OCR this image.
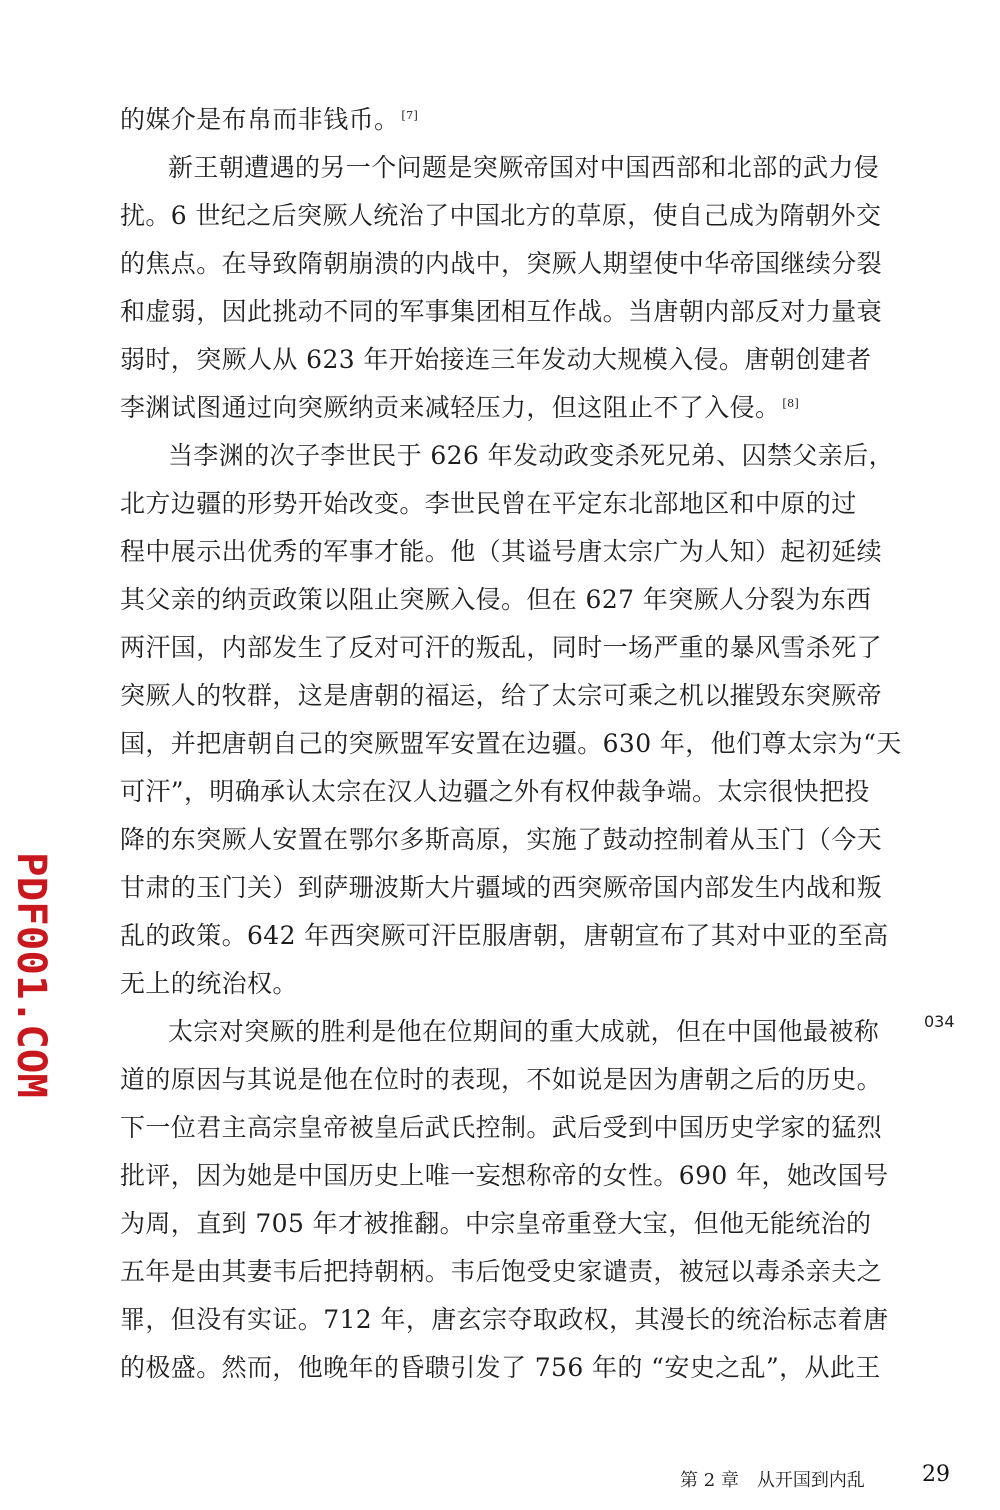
的媒介是布帛而非钱币。 [7]
新王朝遭遇的另一个问题是突厥帝国对中国西部和北部的武力侵
扰。6 世纪之后突厥人统治了中国北方的草原，使自己成为隋朝外交
的焦点。在导致隋朝崩溃的内战中，突厥人期望使中华帝国继续分裂
和虚弱，因此挑动不同的军事集团相互作战。当唐朝内部反对力量衰
弱时，突厥人从 623 年开始接连三年发动大规模入侵。唐朝创建者
李渊试图通过向突厥纳贡来减轻压力，但这阻止不了入侵。 [8]
当李渊的次子李世民于 626 年发动政变杀死兄弟、囚禁父亲后，
北方边疆的形势开始改变。李世民曾在平定东北部地区和中原的过
程中展示出优秀的军事才能。他（其谥号唐太宗广为人知）起初延续
其父亲的纳贡政策以阻止突厥入侵。但在 627 年突厥人分裂为东西
两汗国，内部发生了反对可汗的叛乱，同时一场严重的暴风雪杀死了
突厥人的牧群，这是唐朝的福运，给了太宗可乘之机以摧毁东突厥帝
国，并把唐朝自己的突厥盟军安置在边疆。630 年，他们尊太宗为“天
可汗”，明确承认太宗在汉人边疆之外有权仲裁争端。太宗很快把投
降的东突厥人安置在鄂尔多斯高原，实施了鼓动控制着从玉门（今天
甘肃的玉门关）到萨珊波斯大片疆域的西突厥帝国内部发生内战和叛
乱的政策。642 年西突厥可汗臣服唐朝，唐朝宣布了其对中亚的至高
无上的统治权。
太宗对突厥的胜利是他在位期间的重大成就，但在中国他最被称
道的原因与其说是他在位时的表现，不如说是因为唐朝之后的历史。
下一位君主高宗皇帝被皇后武氏控制。武后受到中国历史学家的猛烈
批评，因为她是中国历史上唯一妄想称帝的女性。690 年，她改国号
为周，直到 705 年才被推翻。中宗皇帝重登大宝，但他无能统治的
五年是由其妻韦后把持朝柄。韦后饱受史家谴责，被冠以毒杀亲夫之
罪，但没有实证。712 年，唐玄宗夺取政权，其漫长的统治标志着唐
的极盛。然而，他晚年的昏聩引发了 756 年的 “安史之乱”，从此王
PDF001.COM	034
第 2 章　从开国到内乱	29
